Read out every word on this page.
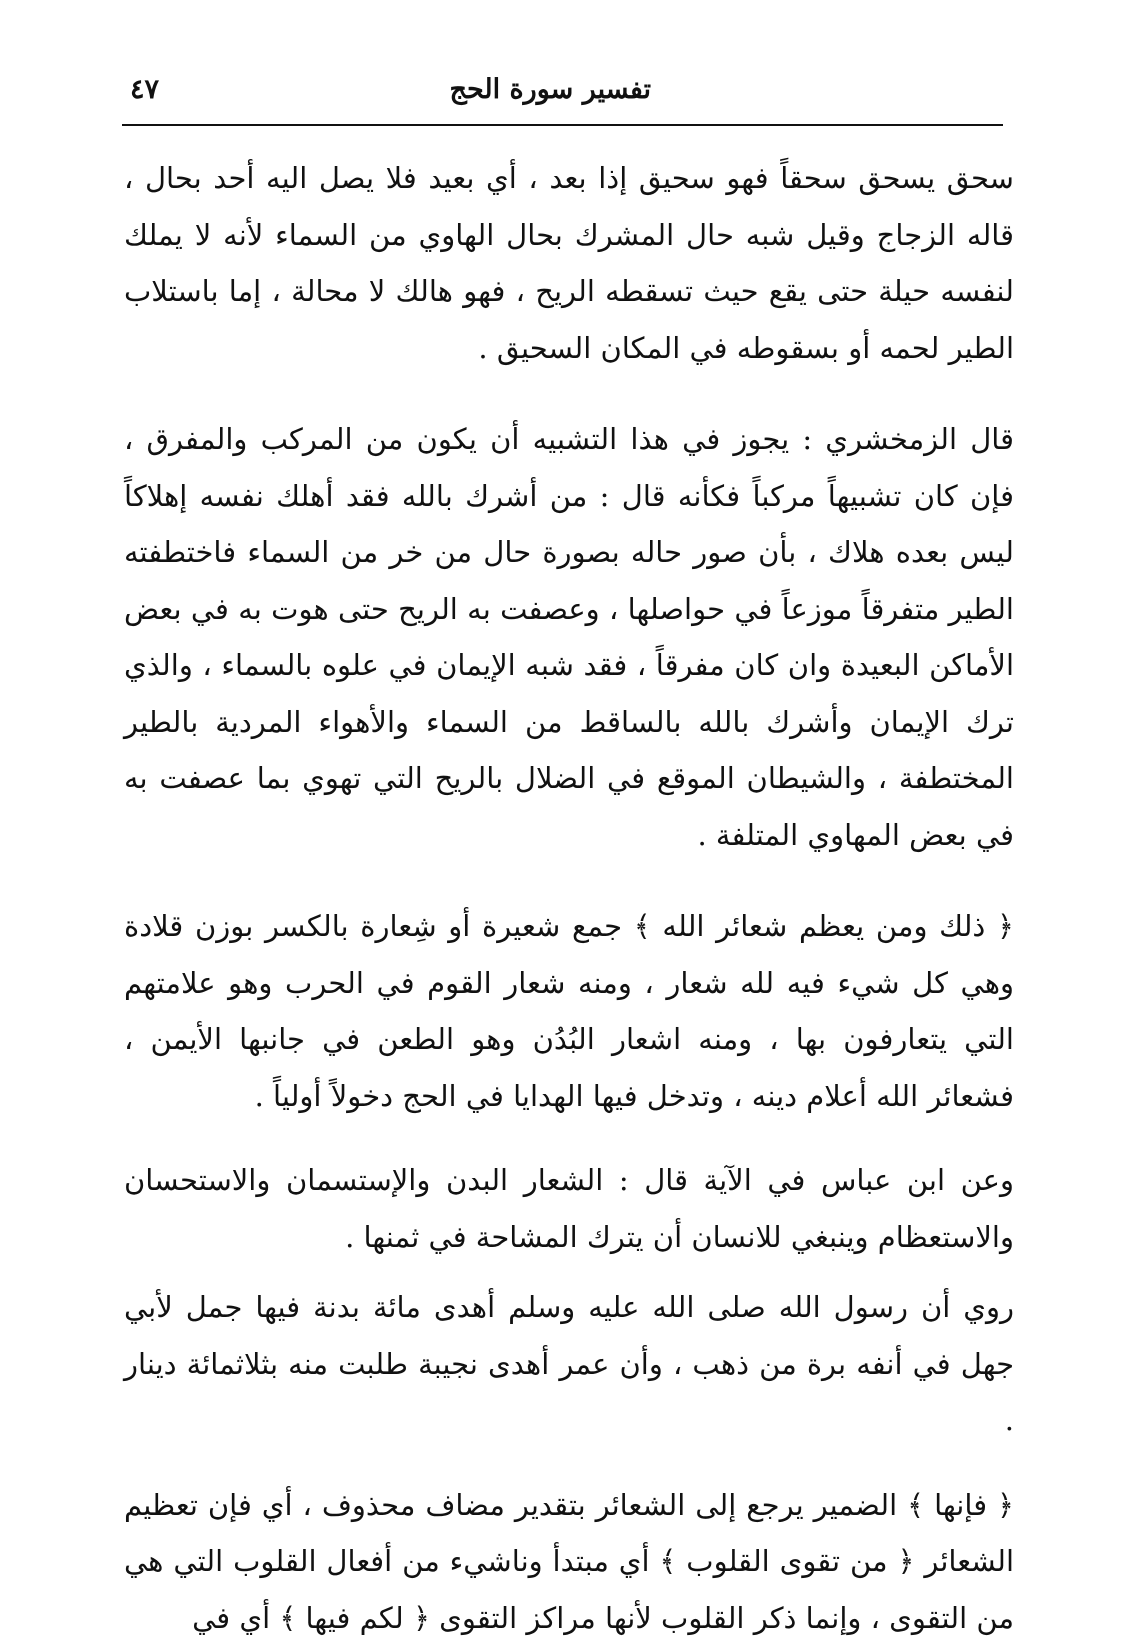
تفسير سورة الحج
٤٧

سحق يسحق سحقاً فهو سحيق إذا بعد ، أي بعيد فلا يصل اليه أحد بحال ، قاله الزجاج وقيل شبه حال المشرك بحال الهاوي من السماء لأنه لا يملك لنفسه حيلة حتى يقع حيث تسقطه الريح ، فهو هالك لا محالة ، إما باستلاب الطير لحمه أو بسقوطه في المكان السحيق .

قال الزمخشري : يجوز في هذا التشبيه أن يكون من المركب والمفرق ، فإن كان تشبيهاً مركباً فكأنه قال : من أشرك بالله فقد أهلك نفسه إهلاكاً ليس بعده هلاك ، بأن صور حاله بصورة حال من خر من السماء فاختطفته الطير متفرقاً موزعاً في حواصلها ، وعصفت به الريح حتى هوت به في بعض الأماكن البعيدة وان كان مفرقاً ، فقد شبه الإيمان في علوه بالسماء ، والذي ترك الإيمان وأشرك بالله بالساقط من السماء والأهواء المردية بالطير المختطفة ، والشيطان الموقع في الضلال بالريح التي تهوي بما عصفت به في بعض المهاوي المتلفة .

﴿ ذلك ومن يعظم شعائر الله ﴾ جمع شعيرة أو شِعارة بالكسر بوزن قلادة وهي كل شيء فيه لله شعار ، ومنه شعار القوم في الحرب وهو علامتهم التي يتعارفون بها ، ومنه اشعار البُدُن وهو الطعن في جانبها الأيمن ، فشعائر الله أعلام دينه ، وتدخل فيها الهدايا في الحج دخولاً أولياً .

وعن ابن عباس في الآية قال : الشعار البدن والإستسمان والاستحسان والاستعظام وينبغي للانسان أن يترك المشاحة في ثمنها .

روي أن رسول الله صلى الله عليه وسلم أهدى مائة بدنة فيها جمل لأبي جهل في أنفه برة من ذهب ، وأن عمر أهدى نجيبة طلبت منه بثلاثمائة دينار .

﴿ فإنها ﴾ الضمير يرجع إلى الشعائر بتقدير مضاف محذوف ، أي فإن تعظيم الشعائر ﴿ من تقوى القلوب ﴾ أي مبتدأ وناشيء من أفعال القلوب التي هي من التقوى ، وإنما ذكر القلوب لأنها مراكز التقوى ﴿ لكم فيها ﴾ أي في
